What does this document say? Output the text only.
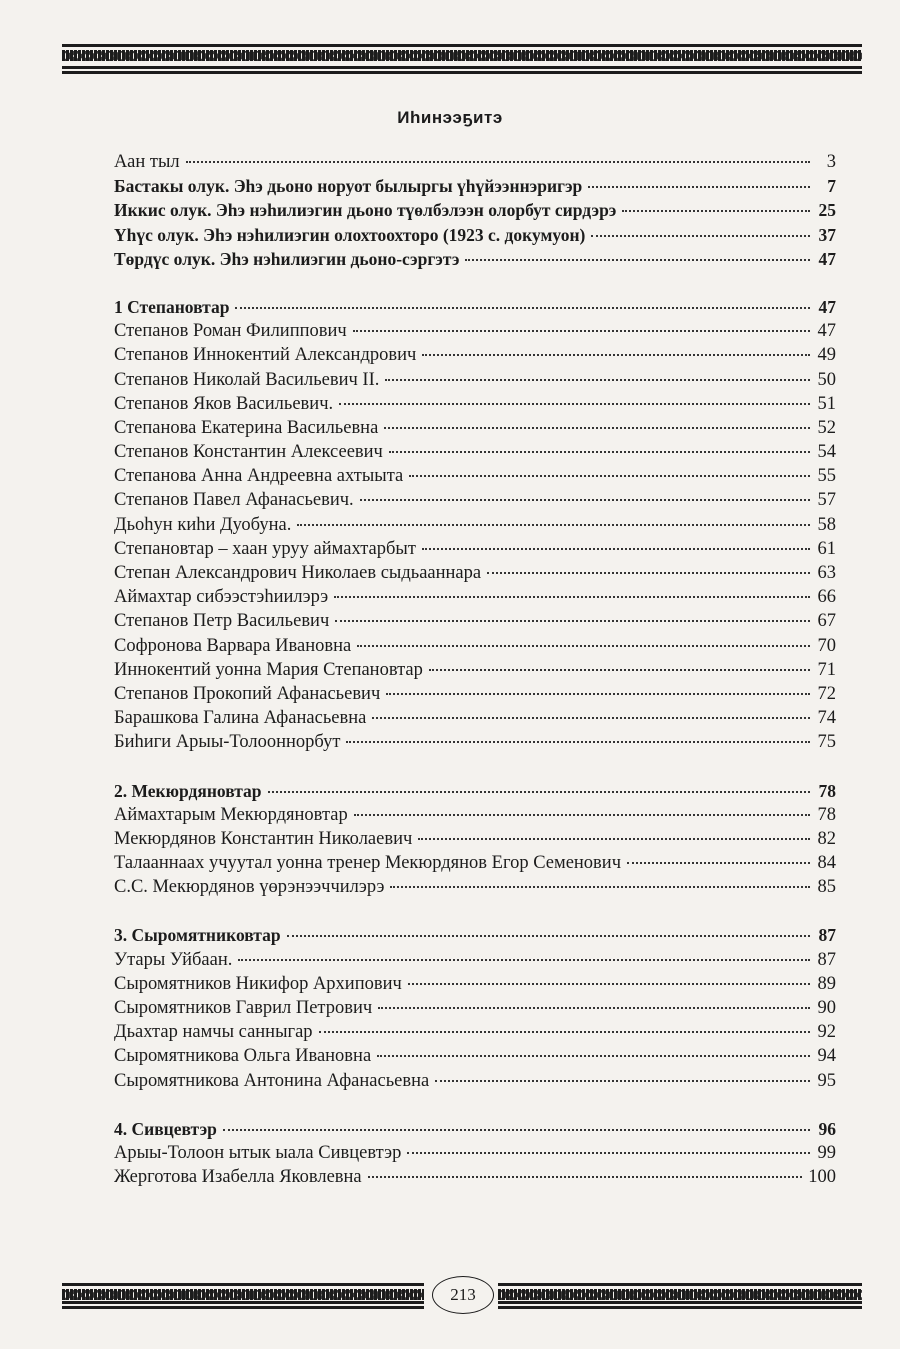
Иһинээҕитэ
Аан тыл	3
Бастакы олук. Эһэ дьоно норуот былыргы үһүйээннэригэр	7
Иккис олук. Эһэ нэһилиэгин дьоно түөлбэлээн олорбут сирдэрэ	25
Үһүс олук. Эһэ нэһилиэгин олохтоохторо (1923 с. докумуон)	37
Төрдүс олук. Эһэ нэһилиэгин дьоно-сэргэтэ	47
1 Степановтар	47
Степанов Роман Филиппович	47
Степанов Иннокентий Александрович	49
Степанов Николай Васильевич II.	50
Степанов Яков Васильевич.	51
Степанова Екатерина Васильевна	52
Степанов Константин Алексеевич	54
Степанова Анна Андреевна ахтыыта	55
Степанов Павел Афанасьевич.	57
Дьоһун киһи Дуобуна.	58
Степановтар – хаан уруу аймахтарбыт	61
Степан Александрович Николаев сыдьааннара	63
Аймахтар сибээстэһиилэрэ	66
Степанов Петр Васильевич	67
Софронова Варвара Ивановна	70
Иннокентий уонна Мария Степановтар	71
Степанов Прокопий Афанасьевич	72
Барашкова Галина Афанасьевна	74
Биһиги Арыы-Толооннорбут	75
2. Мекюрдяновтар	78
Аймахтарым Мекюрдяновтар	78
Мекюрдянов Константин Николаевич	82
Талааннаах учуутал уонна тренер Мекюрдянов Егор Семенович	84
С.С. Мекюрдянов үөрэнээччилэрэ	85
3. Сыромятниковтар	87
Утары Уйбаан.	87
Сыромятников Никифор Архипович	89
Сыромятников Гаврил Петрович	90
Дьахтар намчы санныгар	92
Сыромятникова Ольга Ивановна	94
Сыромятникова Антонина Афанасьевна	95
4. Сивцевтэр	96
Арыы-Толоон ытык ыала Сивцевтэр	99
Жерготова Изабелла Яковлевна	100
213
